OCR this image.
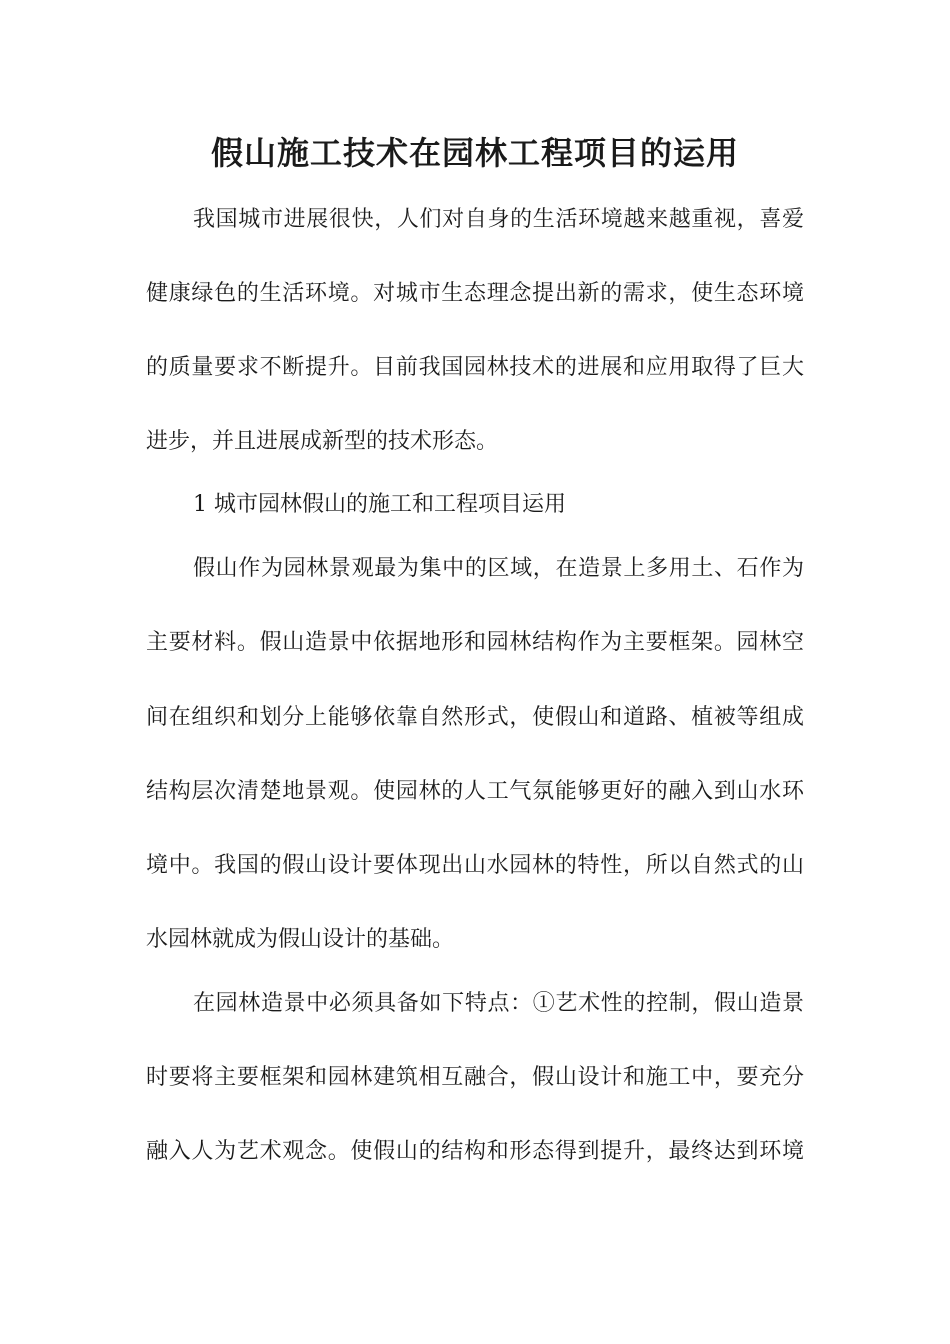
假山施工技术在园林工程项目的运用
我国城市进展很快，人们对自身的生活环境越来越重视，喜爱
健康绿色的生活环境。对城市生态理念提出新的需求，使生态环境
的质量要求不断提升。目前我国园林技术的进展和应用取得了巨大
进步，并且进展成新型的技术形态。
1 城市园林假山的施工和工程项目运用
假山作为园林景观最为集中的区域，在造景上多用土、石作为
主要材料。假山造景中依据地形和园林结构作为主要框架。园林空
间在组织和划分上能够依靠自然形式，使假山和道路、植被等组成
结构层次清楚地景观。使园林的人工气氛能够更好的融入到山水环
境中。我国的假山设计要体现出山水园林的特性，所以自然式的山
水园林就成为假山设计的基础。
在园林造景中必须具备如下特点：①艺术性的控制，假山造景
时要将主要框架和园林建筑相互融合，假山设计和施工中，要充分
融入人为艺术观念。使假山的结构和形态得到提升，最终达到环境
